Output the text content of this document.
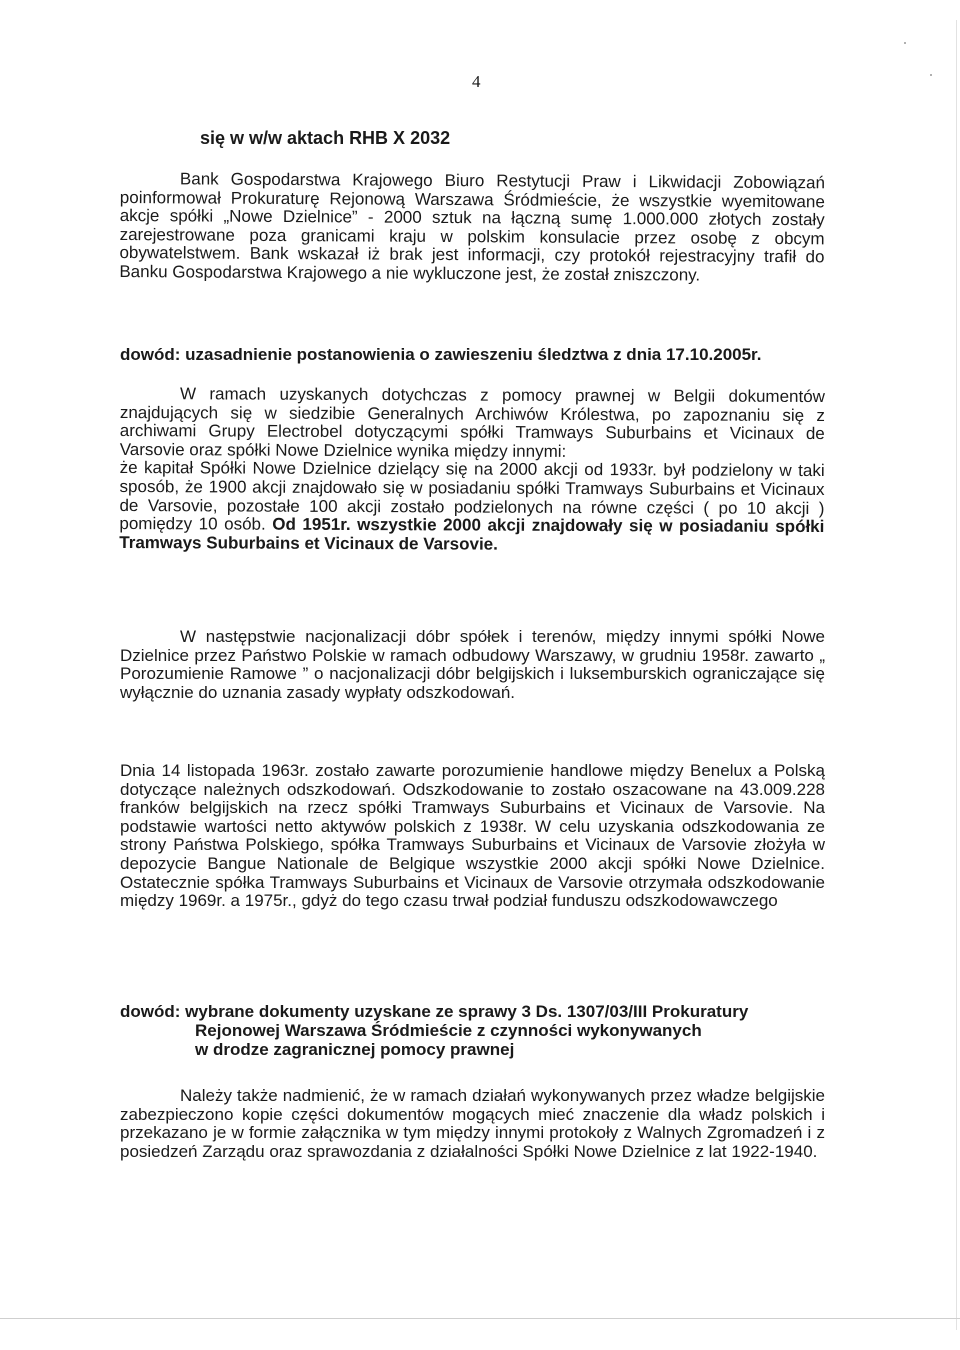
4
się w w/w aktach RHB X 2032

Bank Gospodarstwa Krajowego Biuro Restytucji Praw i Likwidacji Zobowiązań poinformował Prokuraturę Rejonową Warszawa Śródmieście, że wszystkie wyemitowane akcje spółki „Nowe Dzielnice” - 2000 sztuk na łączną sumę 1.000.000 złotych zostały zarejestrowane poza granicami kraju w polskim konsulacie przez osobę z obcym obywatelstwem. Bank wskazał iż brak jest informacji, czy protokół rejestracyjny trafił do Banku Gospodarstwa Krajowego a nie wykluczone jest, że został zniszczony.

dowód: uzasadnienie postanowienia o zawieszeniu śledztwa z dnia 17.10.2005r.

W ramach uzyskanych dotychczas z pomocy prawnej w Belgii dokumentów znajdujących się w siedzibie Generalnych Archiwów Królestwa, po zapoznaniu się z archiwami Grupy Electrobel dotyczącymi spółki Tramways Suburbains et Vicinaux de Varsovie oraz spółki Nowe Dzielnice wynika między innymi:

że kapitał Spółki Nowe Dzielnice dzielący się na 2000 akcji od 1933r. był podzielony w taki sposób, że 1900 akcji znajdowało się w posiadaniu spółki Tramways Suburbains et Vicinaux de Varsovie, pozostałe 100 akcji zostało podzielonych na równe części ( po 10 akcji ) pomiędzy 10 osób. Od 1951r. wszystkie 2000 akcji znajdowały się w posiadaniu spółki Tramways Suburbains et Vicinaux de Varsovie.

W następstwie nacjonalizacji dóbr spółek i terenów, między innymi spółki Nowe Dzielnice przez Państwo Polskie w ramach odbudowy Warszawy, w grudniu 1958r. zawarto „ Porozumienie Ramowe ” o nacjonalizacji dóbr belgijskich i luksemburskich ograniczające się wyłącznie do uznania zasady wypłaty odszkodowań.

Dnia 14 listopada 1963r. zostało zawarte porozumienie handlowe między Benelux a Polską dotyczące należnych odszkodowań. Odszkodowanie to zostało oszacowane na 43.009.228 franków belgijskich na rzecz spółki Tramways Suburbains et Vicinaux de Varsovie. Na podstawie wartości netto aktywów polskich z 1938r. W celu uzyskania odszkodowania ze strony Państwa Polskiego, spółka Tramways Suburbains et Vicinaux de Varsovie złożyła w depozycie Bangue Nationale de Belgique wszystkie 2000 akcji spółki Nowe Dzielnice. Ostatecznie spółka Tramways Suburbains et Vicinaux de Varsovie otrzymała odszkodowanie między 1969r. a 1975r., gdyż do tego czasu trwał podział funduszu odszkodowawczego

dowód: wybrane dokumenty uzyskane ze sprawy 3 Ds. 1307/03/III Prokuratury
Rejonowej Warszawa Śródmieście z czynności wykonywanych
w drodze zagranicznej pomocy prawnej

Należy także nadmienić, że w ramach działań wykonywanych przez władze belgijskie zabezpieczono kopie części dokumentów mogących mieć znaczenie dla władz polskich i przekazano je w formie załącznika w tym między innymi protokoły z Walnych Zgromadzeń i z posiedzeń Zarządu oraz sprawozdania z działalności Spółki Nowe Dzielnice z lat 1922-1940.
